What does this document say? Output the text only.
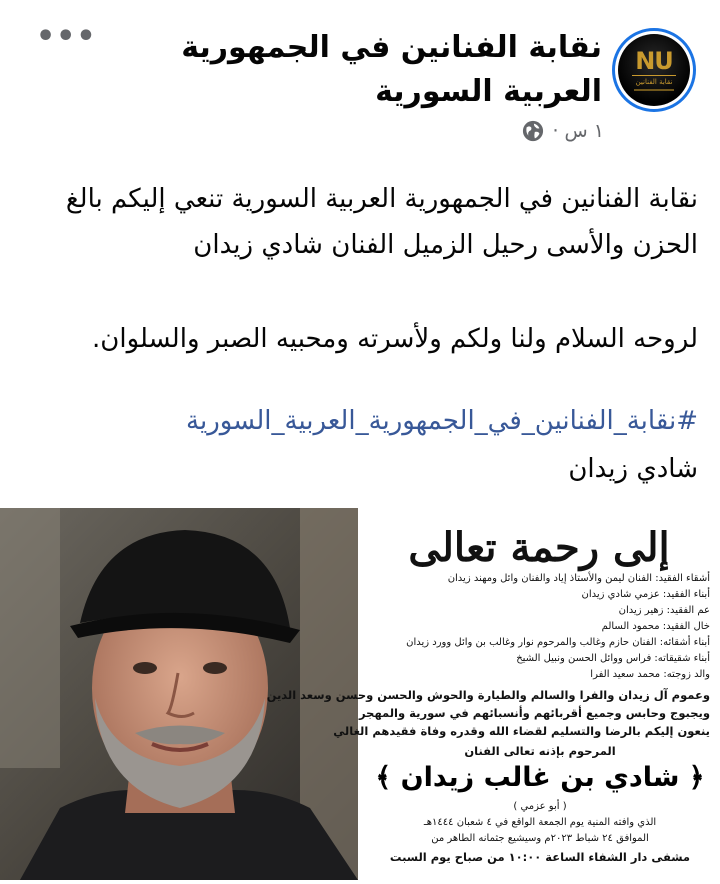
NU
نقابة الفنانين
نقابة الفنانين في الجمهورية العربية السورية
١ س ·
•••
نقابة الفنانين في الجمهورية العربية السورية تنعي إليكم بالغ الحزن والأسى رحيل الزميل الفنان شادي زيدان
لروحه السلام ولنا ولكم ولأسرته ومحبيه الصبر والسلوان.
#نقابة_الفنانين_في_الجمهورية_العربية_السورية
شادي زيدان
إلى رحمة تعالى
أشقاء الفقيد: الفنان ليمن والأستاذ إياد والفنان وائل ومهند زيدان
أبناء الفقيد: عزمي شادي زيدان
عم الفقيد: زهير زيدان
خال الفقيد: محمود السالم
أبناء أشقائه: الفنان حازم وغالب والمرحوم نوار وغالب بن وائل وورد زيدان
أبناء شقيقاته: فراس ووائل الحسن ونبيل الشيخ
والد زوجته: محمد سعيد الفرا
وعموم آل زيدان والفرا والسالم والطيارة والحوش والحسن وحسن وسعد الدين
ويجبوج وحابس وجميع أقربائهم وأنسبائهم في سورية والمهجر
ينعون إليكم بالرضا والتسليم لقضاء الله وقدره وفاة فقيدهم الغالي
المرحوم بإذنه تعالى الفنان
﴿ شادي بن غالب زيدان ﴾
( أبو عزمي )
الذي وافته المنية يوم الجمعة الواقع في ٤ شعبان ١٤٤٤هـ
الموافق ٢٤ شباط ٢٠٢٣م وسيشيع جثمانه الطاهر من
مشفى دار الشفاء الساعة ١٠:٠٠ من صباح يوم السبت
